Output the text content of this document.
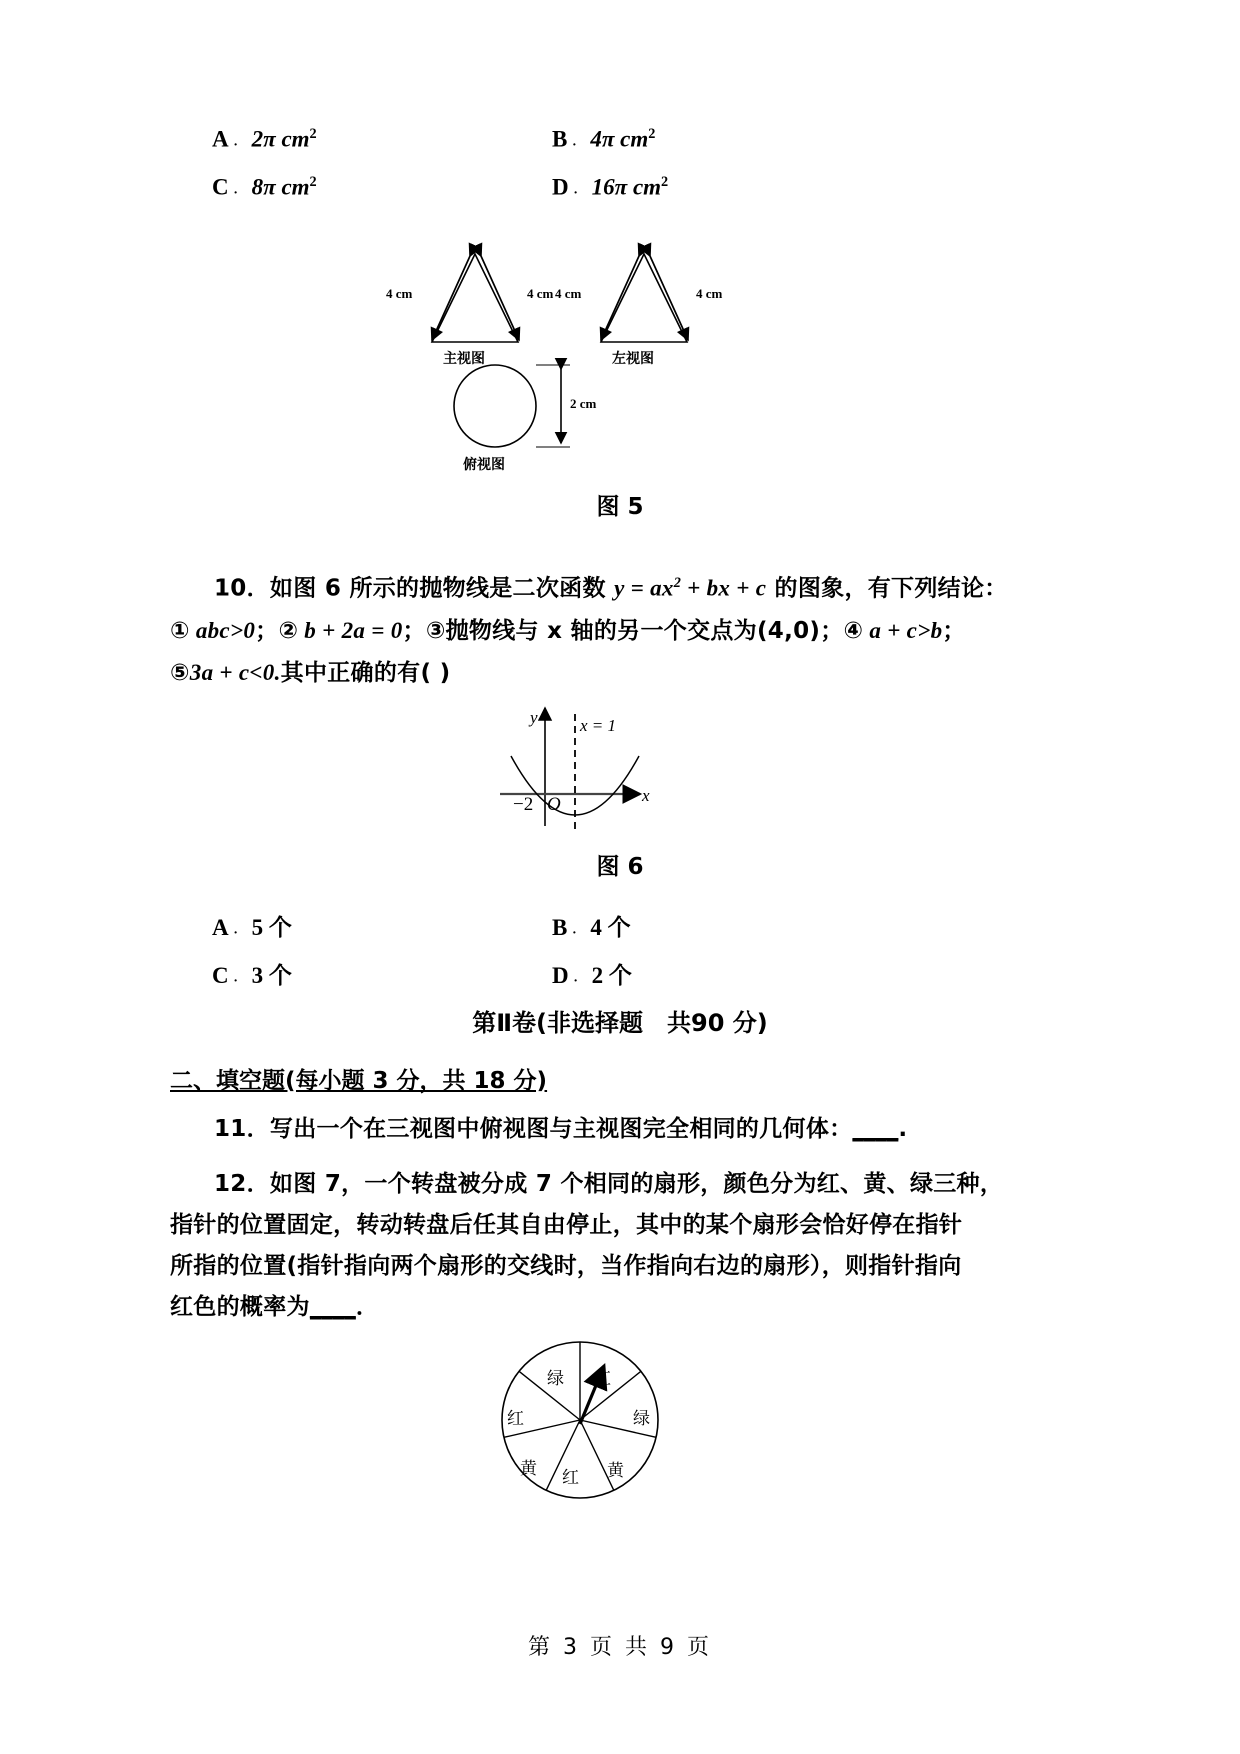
A ． 2π $cm^2$	B ． 4π $cm^2$
C ． 8π $cm^2$	D ． 16π $cm^2$
4 cm	4 cm 4 cm	4 cm
2 cm
主视图	左视图
俯视图
图 5
10．如图 6 所示的抛物线是二次函数 $y = ax^2$ + bx + c 的图象，有下列结论：
① abc>0；② b + 2a = 0；③抛物线与 x 轴的另一个交点为(4,0)；④ a + c>b；
⑤3a + c<0.其中正确的有( )
y
x
−2 O
x = 1
图 6
A ． 5 个	B ． 4 个
C ． 3 个	D ． 2 个
第Ⅱ卷(非选择题　共90 分)
二、填空题(每小题 3 分，共 18 分)
11．写出一个在三视图中俯视图与主视图完全相同的几何体：____.
12．如图 7，一个转盘被分成 7 个相同的扇形，颜色分为红、黄、绿三种，
指针的位置固定，转动转盘后任其自由停止，其中的某个扇形会恰好停在指针
所指的位置(指针指向两个扇形的交线时，当作指向右边的扇形），则指针指向
红色的概率为____．
红
绿
黄
红
黄
红
绿
第 3 页 共 9 页
